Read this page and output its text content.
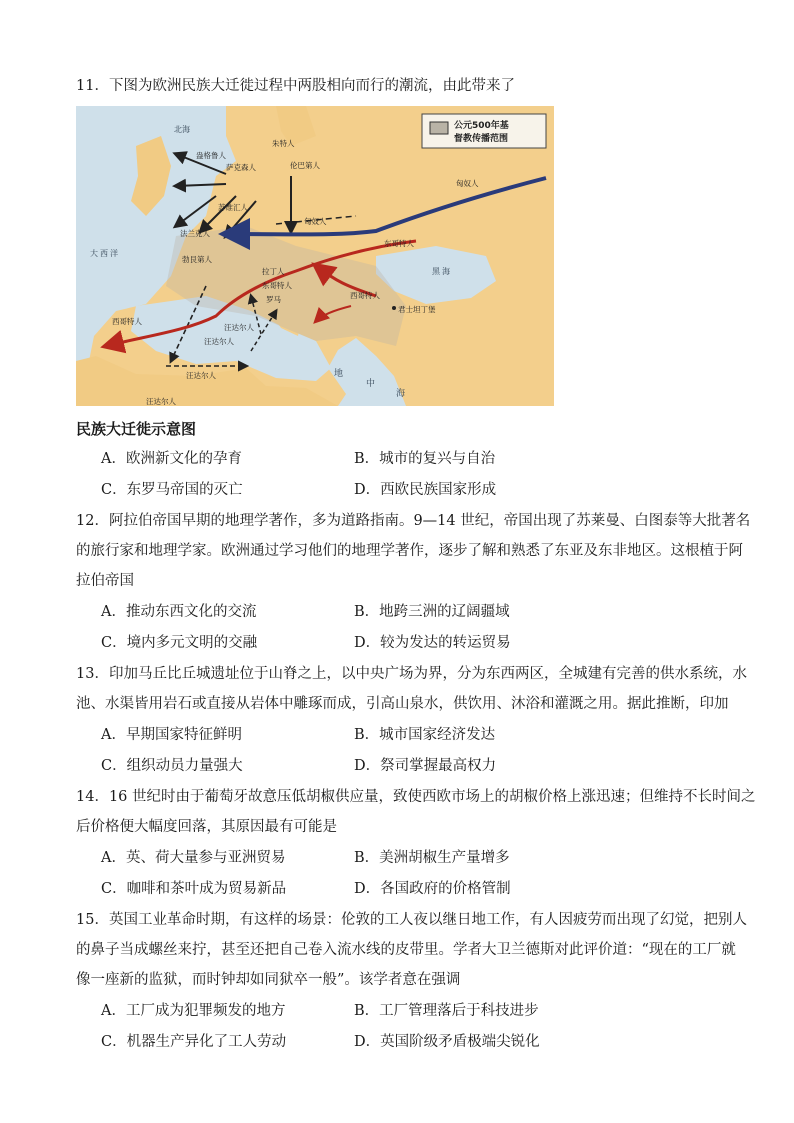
11．下图为欧洲民族大迁徙过程中两股相向而行的潮流，由此带来了
公元500年基
督教传播范围
北海
大 西 洋
黑 海
地
中
海
盎格鲁人
萨克森人	伦巴第人
法兰克人
匈奴人
匈奴人
东哥特人
东哥特人
拉丁人
罗马
西哥特人
西哥特人
君士坦丁堡
汪达尔人
汪达尔人
汪达尔人
汪达尔人
朱特人
苏维汇人
勃艮第人
民族大迁徙示意图
A．欧洲新文化的孕育	B．城市的复兴与自治
C．东罗马帝国的灭亡	D．西欧民族国家形成
12．阿拉伯帝国早期的地理学著作，多为道路指南。9—14 世纪，帝国出现了苏莱曼、白图泰等大批著名
的旅行家和地理学家。欧洲通过学习他们的地理学著作，逐步了解和熟悉了东亚及东非地区。这根植于阿
拉伯帝国
A．推动东西文化的交流	B．地跨三洲的辽阔疆域
C．境内多元文明的交融	D．较为发达的转运贸易
13．印加马丘比丘城遗址位于山脊之上，以中央广场为界，分为东西两区，全城建有完善的供水系统，水
池、水渠皆用岩石或直接从岩体中雕琢而成，引高山泉水，供饮用、沐浴和灌溉之用。据此推断，印加
A．早期国家特征鲜明	B．城市国家经济发达
C．组织动员力量强大	D．祭司掌握最高权力
14．16 世纪时由于葡萄牙故意压低胡椒供应量，致使西欧市场上的胡椒价格上涨迅速；但维持不长时间之
后价格便大幅度回落，其原因最有可能是
A．英、荷大量参与亚洲贸易	B．美洲胡椒生产量增多
C．咖啡和茶叶成为贸易新品	D．各国政府的价格管制
15．英国工业革命时期，有这样的场景：伦敦的工人夜以继日地工作，有人因疲劳而出现了幻觉，把别人
的鼻子当成螺丝来拧，甚至还把自己卷入流水线的皮带里。学者大卫兰德斯对此评价道：“现在的工厂就
像一座新的监狱，而时钟却如同狱卒一般”。该学者意在强调
A．工厂成为犯罪频发的地方	B．工厂管理落后于科技进步
C．机器生产异化了工人劳动	D．英国阶级矛盾极端尖锐化
